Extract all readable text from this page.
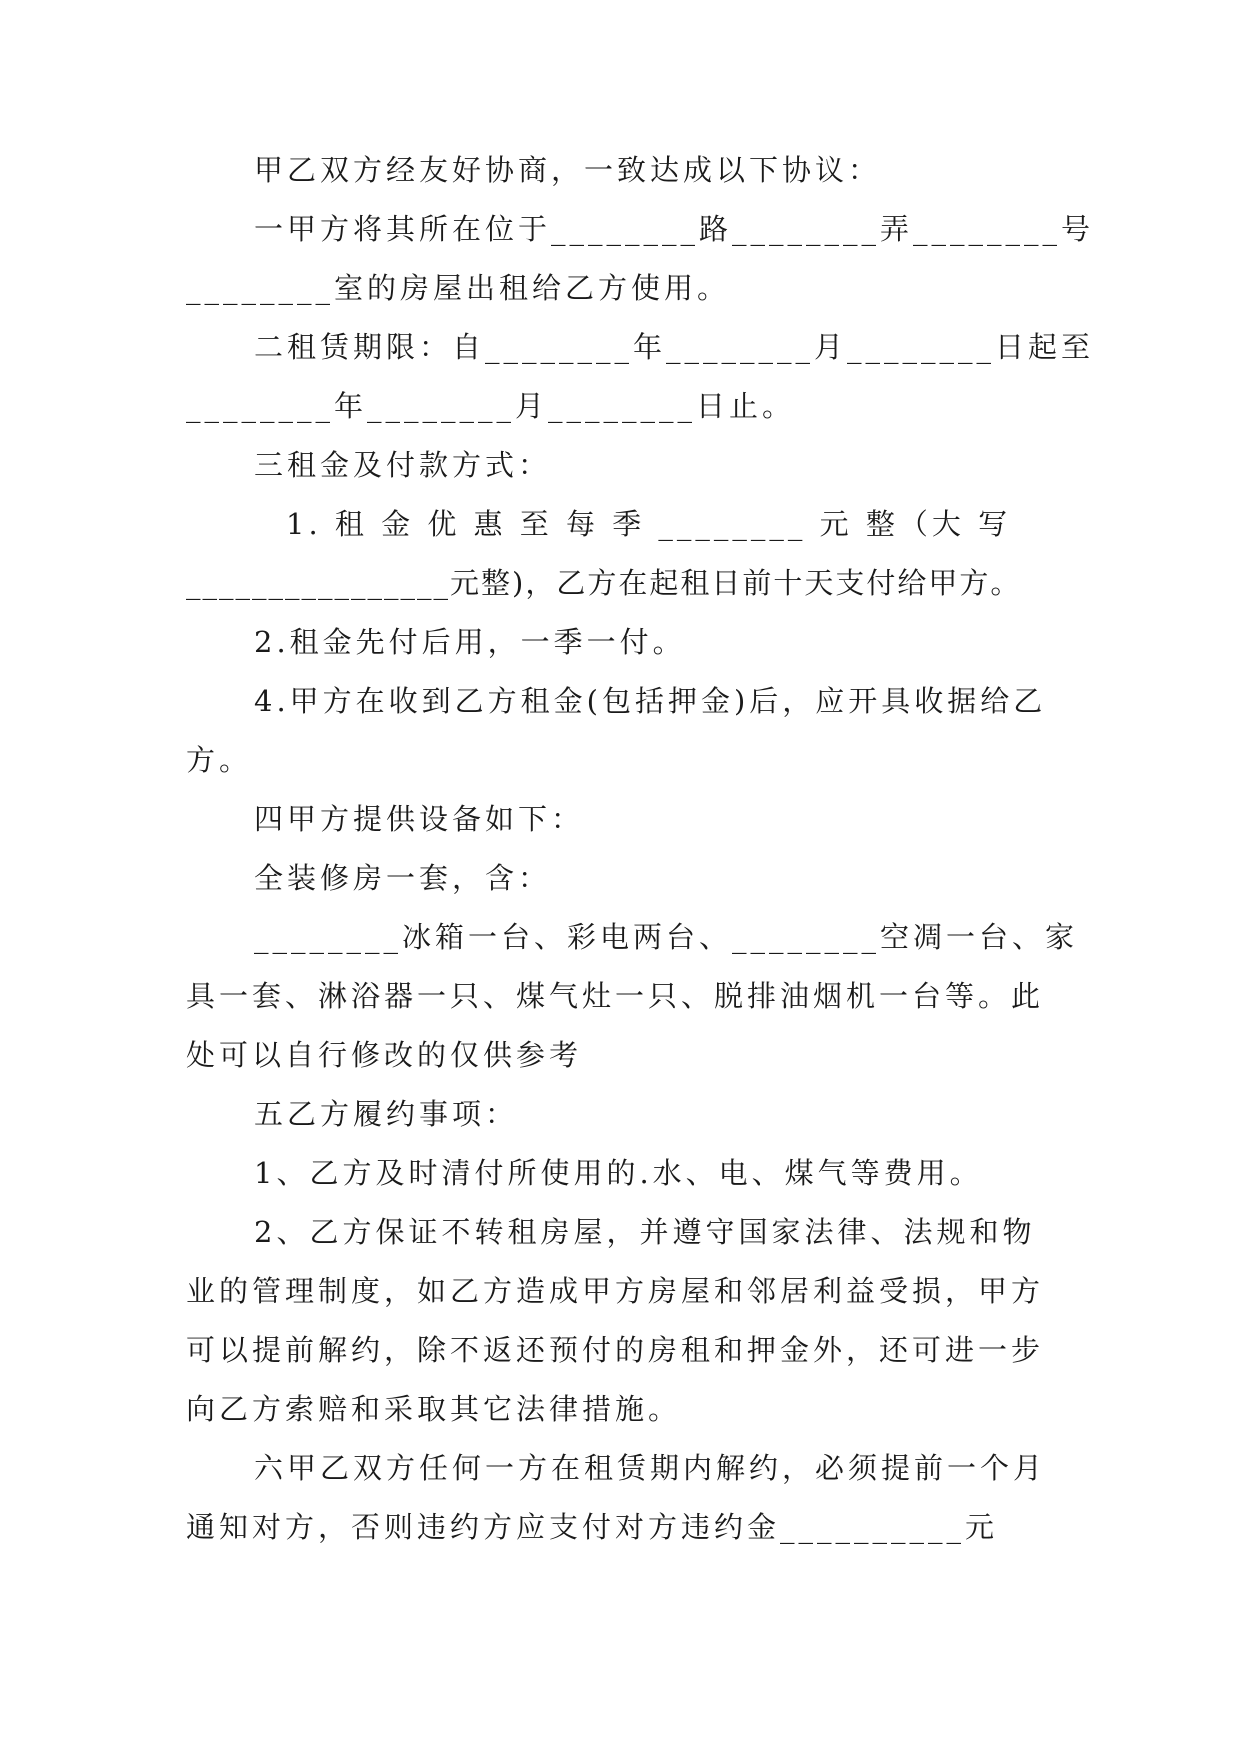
甲乙双方经友好协商，一致达成以下协议：
一甲方将其所在位于________路________弄________号
________室的房屋出租给乙方使用。
二租赁期限：自________年________月________日起至
________年________月________日止。
三租金及付款方式：
1. 租 金 优 惠 至 每 季 ________ 元 整（大 写
________________元整)，乙方在起租日前十天支付给甲方。
2.租金先付后用，一季一付。
4.甲方在收到乙方租金(包括押金)后，应开具收据给乙
方。
四甲方提供设备如下：
全装修房一套，含：
________冰箱一台、彩电两台、________空凋一台、家
具一套、淋浴器一只、煤气灶一只、脱排油烟机一台等。此
处可以自行修改的仅供参考
五乙方履约事项：
1、乙方及时清付所使用的.水、电、煤气等费用。
2、乙方保证不转租房屋，并遵守国家法律、法规和物
业的管理制度，如乙方造成甲方房屋和邻居利益受损，甲方
可以提前解约，除不返还预付的房租和押金外，还可进一步
向乙方索赔和采取其它法律措施。
六甲乙双方任何一方在租赁期内解约，必须提前一个月
通知对方，否则违约方应支付对方违约金__________元
